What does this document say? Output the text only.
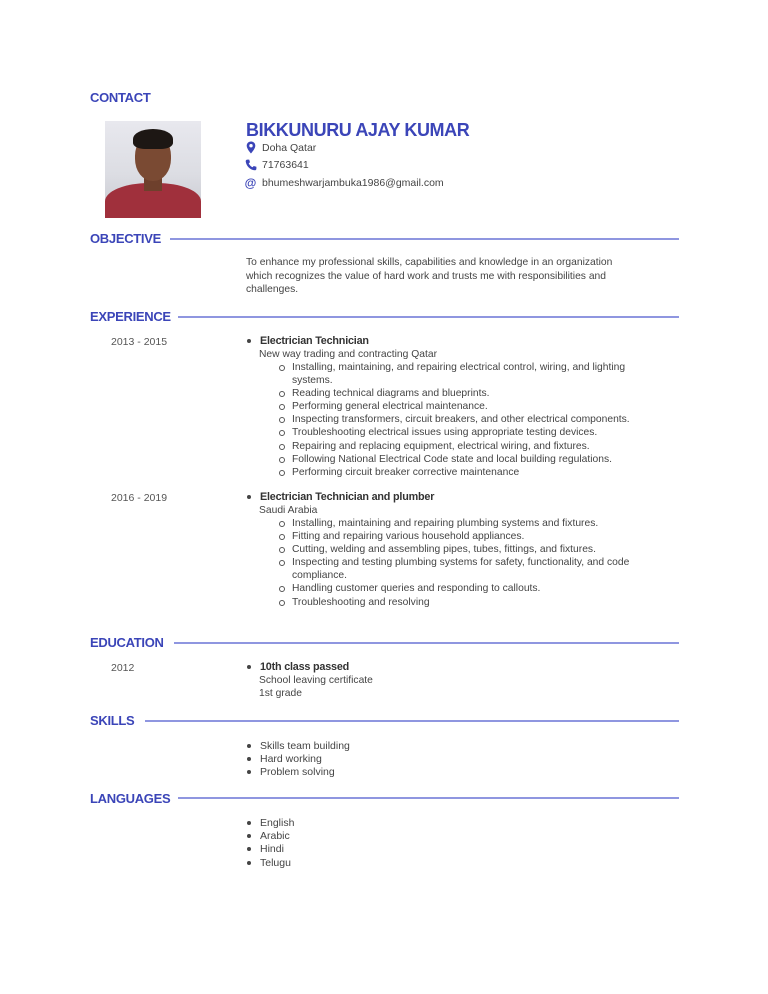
CONTACT
BIKKUNURU AJAY KUMAR
Doha Qatar
71763641
@ bhumeshwarjambuka1986@gmail.com
OBJECTIVE
To enhance my professional skills, capabilities and knowledge in an organization
which recognizes the value of hard work and trusts me with responsibilities and
challenges.
EXPERIENCE
2013 - 2015	Electrician Technician
New way trading and contracting Qatar
Installing, maintaining, and repairing electrical control, wiring, and lighting
systems.
Reading technical diagrams and blueprints.
Performing general electrical maintenance.
Inspecting transformers, circuit breakers, and other electrical components.
Troubleshooting electrical issues using appropriate testing devices.
Repairing and replacing equipment, electrical wiring, and fixtures.
Following National Electrical Code state and local building regulations.
Performing circuit breaker corrective maintenance
2016 - 2019	Electrician Technician and plumber
Saudi Arabia
Installing, maintaining and repairing plumbing systems and fixtures.
Fitting and repairing various household appliances.
Cutting, welding and assembling pipes, tubes, fittings, and fixtures.
Inspecting and testing plumbing systems for safety, functionality, and code
compliance.
Handling customer queries and responding to callouts.
Troubleshooting and resolving
EDUCATION
2012	10th class passed
School leaving certificate
1st grade
SKILLS
Skills team building
Hard working
Problem solving
LANGUAGES
English
Arabic
Hindi
Telugu
